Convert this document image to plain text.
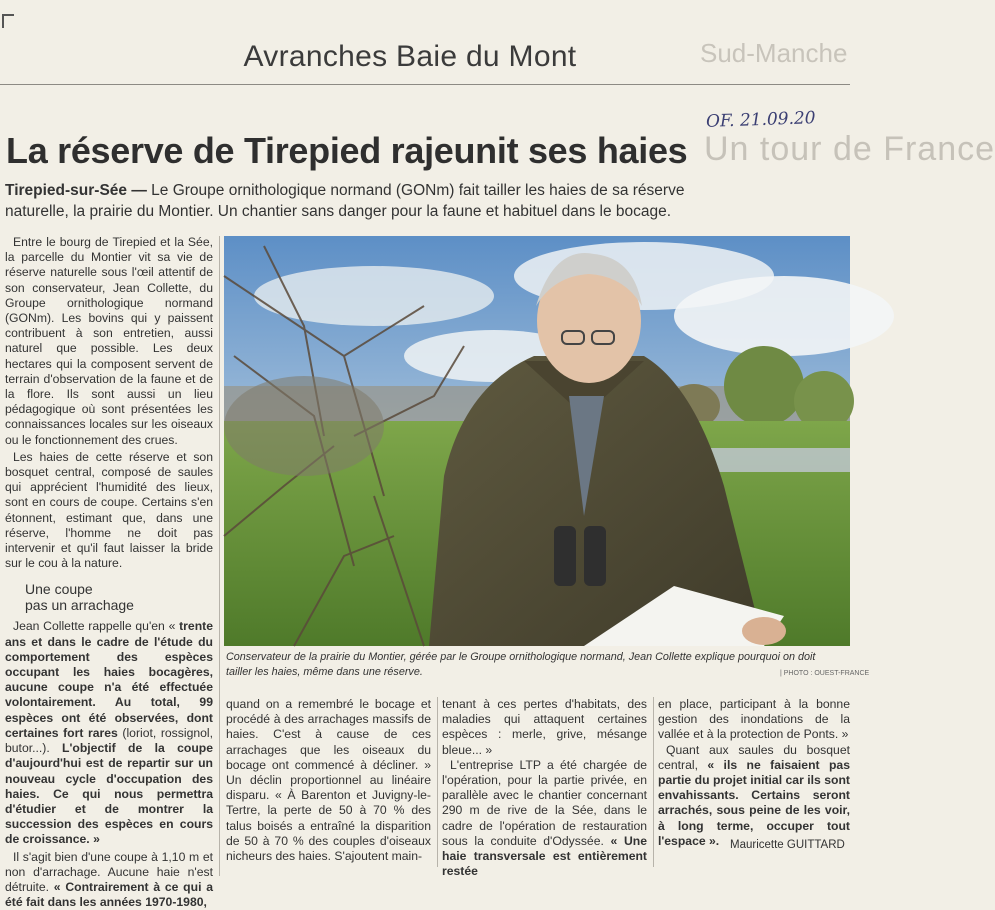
Sud-Manche
Un tour de France
Avranches Baie du Mont
OF. 21.09.20
La réserve de Tirepied rajeunit ses haies
Tirepied-sur-Sée — Le Groupe ornithologique normand (GONm) fait tailler les haies de sa réserve naturelle, la prairie du Montier. Un chantier sans danger pour la faune et habituel dans le bocage.

Entre le bourg de Tirepied et la Sée, la parcelle du Montier vit sa vie de réserve naturelle sous l'œil attentif de son conservateur, Jean Collette, du Groupe ornithologique normand (GONm). Les bovins qui y paissent contribuent à son entretien, aussi naturel que possible. Les deux hectares qui la composent servent de terrain d'observation de la faune et de la flore. Ils sont aussi un lieu pédagogique où sont présentées les connaissances locales sur les oiseaux ou le fonctionnement des crues.

Les haies de cette réserve et son bosquet central, composé de saules qui apprécient l'humidité des lieux, sont en cours de coupe. Certains s'en étonnent, estimant que, dans une réserve, l'homme ne doit pas intervenir et qu'il faut laisser la bride sur le cou à la nature.

Une coupe
pas un arrachage

Jean Collette rappelle qu'en « trente ans et dans le cadre de l'étude du comportement des espèces occupant les haies bocagères, aucune coupe n'a été effectuée volontairement. Au total, 99 espèces ont été observées, dont certaines fort rares (loriot, rossignol, butor...). L'objectif de la coupe d'aujourd'hui est de repartir sur un nouveau cycle d'occupation des haies. Ce qui nous permettra d'étudier et de montrer la succession des espèces en cours de croissance. »

Il s'agit bien d'une coupe à 1,10 m et non d'arrachage. Aucune haie n'est détruite. « Contrairement à ce qui a été fait dans les années 1970-1980,

Conservateur de la prairie du Montier, gérée par le Groupe ornithologique normand, Jean Collette explique pourquoi on doit
tailler les haies, même dans une réserve.	| PHOTO : OUEST-FRANCE

quand on a remembré le bocage et procédé à des arrachages massifs de haies. C'est à cause de ces arrachages que les oiseaux du bocage ont commencé à décliner. » Un déclin proportionnel au linéaire disparu. « À Barenton et Juvigny-le-Tertre, la perte de 50 à 70 % des talus boisés a entraîné la disparition de 50 à 70 % des couples d'oiseaux nicheurs des haies. S'ajoutent main-

tenant à ces pertes d'habitats, des maladies qui attaquent certaines espèces : merle, grive, mésange bleue... »

L'entreprise LTP a été chargée de l'opération, pour la partie privée, en parallèle avec le chantier concernant 290 m de rive de la Sée, dans le cadre de l'opération de restauration sous la conduite d'Odyssée. « Une haie transversale est entièrement restée

en place, participant à la bonne gestion des inondations de la vallée et à la protection de Ponts. »

Quant aux saules du bosquet central, « ils ne faisaient pas partie du projet initial car ils sont envahissants. Certains seront arrachés, sous peine de les voir, à long terme, occuper tout l'espace ». Mauricette GUITTARD
